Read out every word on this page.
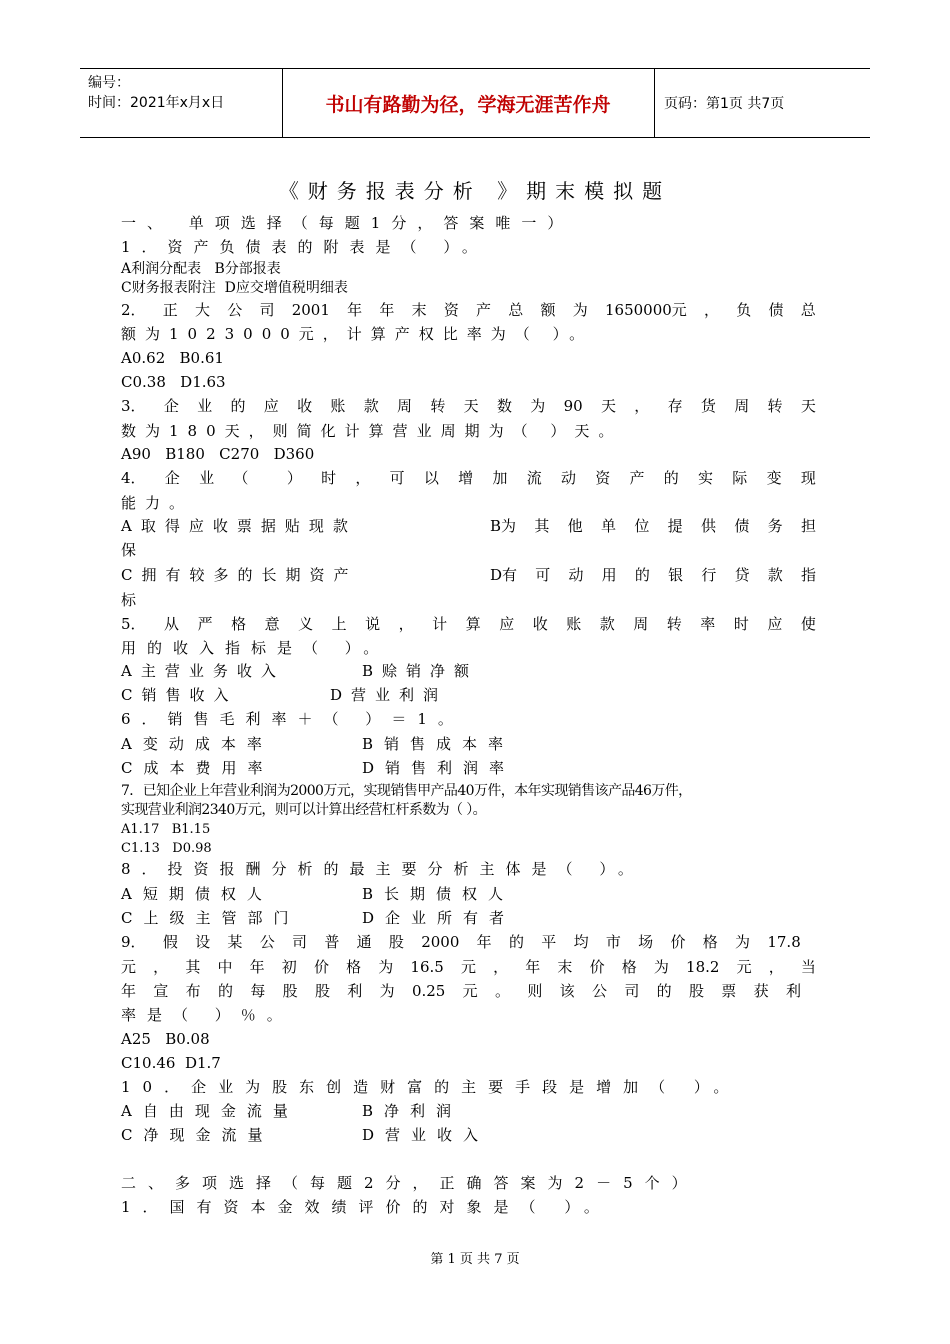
编号：
时间：2021年x月x日	书山有路勤为径，学海无涯苦作舟	页码：第1页 共7页
《财务报表分析 》期末模拟题
一、 单项选择（每题1分，答案唯一）
1．资产负债表的附表是（ ）。
A利润分配表   B分部报表
C财务报表附注  D应交增值税明细表
2． 正 大 公 司 2001 年 年 末 资 产 总 额 为 1650000元 ， 负 债 总
额为1023000元，计算产权比率为（ ）。
A0.62   B0.61
C0.38   D1.63
3． 企 业 的 应 收 账 款 周 转 天 数 为 90 天 ， 存 货 周 转 天
数为180天，则简化计算营业周期为（ ）天。
A90   B180   C270   D360
4． 企 业 （	） 时 ， 可 以 增 加 流 动 资 产 的 实 际 变 现
能力。
A取得应收票据贴现款	B为 其 他 单 位 提 供 债 务 担
保
C拥有较多的长期资产	D有 可 动 用 的 银 行 贷 款 指
标
5． 从 严 格 意 义 上 说 ， 计 算 应 收 账 款 周 转 率 时 应 使
用的收入指标是（ ）。
A主营业务收入	B赊销净额
C销售收入	D营业利润
6．销售毛利率＋（ ）＝1。
A变动成本率	B销售成本率
C成本费用率	D销售利润率
7．已知企业上年营业利润为2000万元，实现销售甲产品40万件，本年实现销售该产品46万件，
实现营业利润2340万元，则可以计算出经营杠杆系数为（ ）。
A1.17   B1.15
C1.13   D0.98
8．投资报酬分析的最主要分析主体是（ ）。
A短期债权人	B长期债权人
C上级主管部门	D企业所有者
9． 假 设 某 公 司 普 通 股 2000 年 的 平 均 市 场 价 格 为 17.8
元 ， 其 中 年 初 价 格 为 16.5 元 ， 年 末 价 格 为 18.2 元 ， 当
年 宣 布 的 每 股 股 利 为 0.25 元 。 则 该 公 司 的 股 票 获 利
率是（ ）％。
A25   B0.08
C10.46  D1.7
10．企业为股东创造财富的主要手段是增加（ ）。
A自由现金流量	B净利润
C净现金流量	D营业收入
二、多项选择（每题2分，正确答案为2－5个）
1．国有资本金效绩评价的对象是（ ）。
第 1 页 共 7 页
